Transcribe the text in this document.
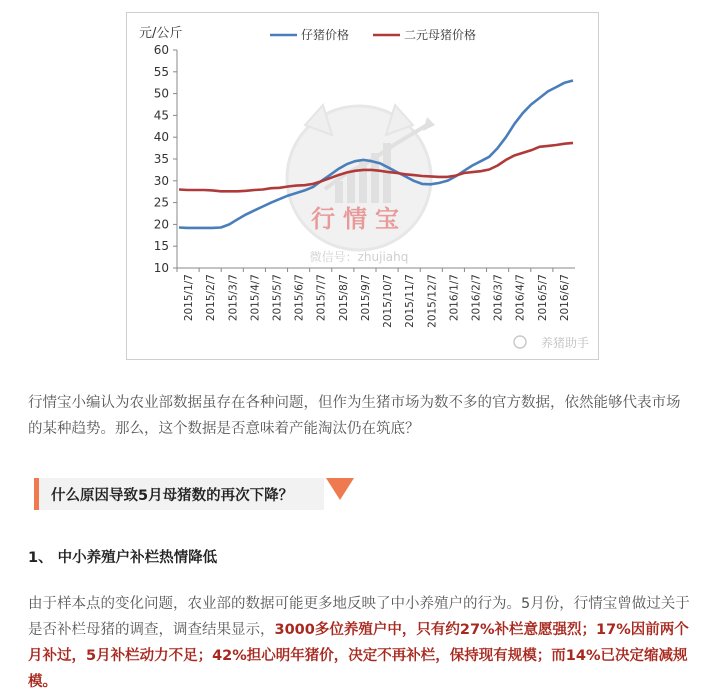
行情宝
微信号：zhujiahq
养猪助手
元/公斤	仔猪价格	二元母猪价格
10
15
20
25
30
35
40
45
50
55
60
2015/1/7 2015/2/7 2015/3/7 2015/4/7 2015/5/7 2015/6/7 2015/7/7 2015/8/7 2015/9/7 2015/10/7 2015/11/7 2015/12/7 2016/1/7 2016/2/7 2016/3/7 2016/4/7 2016/5/7 2016/6/7

行情宝小编认为农业部数据虽存在各种问题，但作为生猪市场为数不多的官方数据，依然能够代表市场的某种趋势。那么，这个数据是否意味着产能淘汰仍在筑底？

什么原因导致5月母猪数的再次下降？

1、 中小养殖户补栏热情降低

由于样本点的变化问题，农业部的数据可能更多地反映了中小养殖户的行为。5月份，行情宝曾做过关于是否补栏母猪的调查，调查结果显示，3000多位养殖户中，只有约27%补栏意愿强烈；17%因前两个月补过，5月补栏动力不足；42%担心明年猪价，决定不再补栏，保持现有规模；而14%已决定缩减规模。
